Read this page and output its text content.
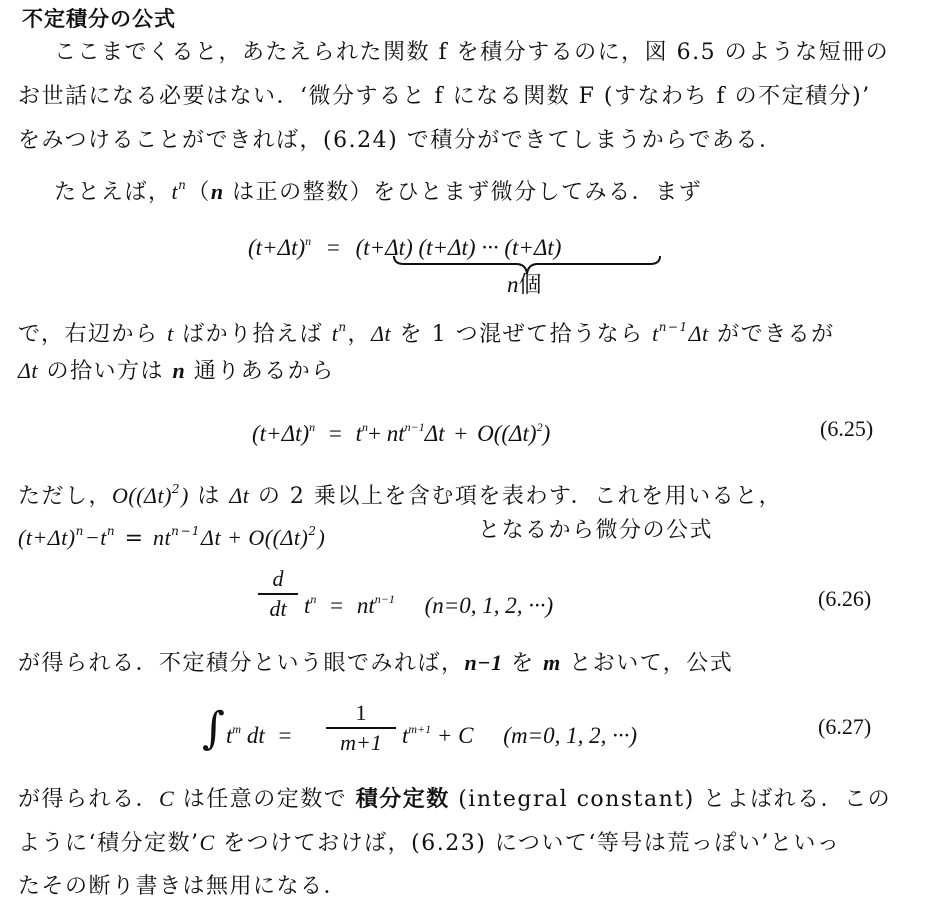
不定積分の公式
ここまでくると，あたえられた関数 f を積分するのに，図 6.5 のような短冊の
お世話になる必要はない．‘微分すると f になる関数 F (すなわち f の不定積分)’
をみつけることができれば，(6.24) で積分ができてしまうからである．
たとえば，$t^n(n$ は正の整数）をひとまず微分してみる．まず
$(t+\Delta t)^n = (t+\Delta t)$ (t+Δt) ··· (t+Δt)
n個
で，右辺から t ばかり拾えば $t^n$，Δt を 1 つ混ぜて拾うなら $t^{n-1}\Delta t$ ができるが
Δt の拾い方は n 通りあるから
$(t+\Delta t)^n = t^n+ nt^{n-1}\Delta t + O((\Delta t)^2)$	(6.25)
ただし，$O((\Delta t)^2)$ は Δt の 2 乗以上を含む項を表わす．これを用いると，
$(t+\Delta t)^n-t^n = nt^{n-1}\Delta t + O((\Delta t)^2)$	となるから微分の公式
d
dt $t^n = nt^{n-1}$ (n=0, 1, 2, ···)	(6.26)
が得られる．不定積分という眼でみれば，n−1 を m とおいて，公式
∫ $t^m$ dt =
1
m+1 $t^{m+1} + C$ (m=0, 1, 2, ···)	(6.27)
が得られる．C は任意の定数で 積分定数 (integral constant) とよばれる．この
ように‘積分定数’C をつけておけば，(6.23) について‘等号は荒っぽい’といっ
たその断り書きは無用になる．
